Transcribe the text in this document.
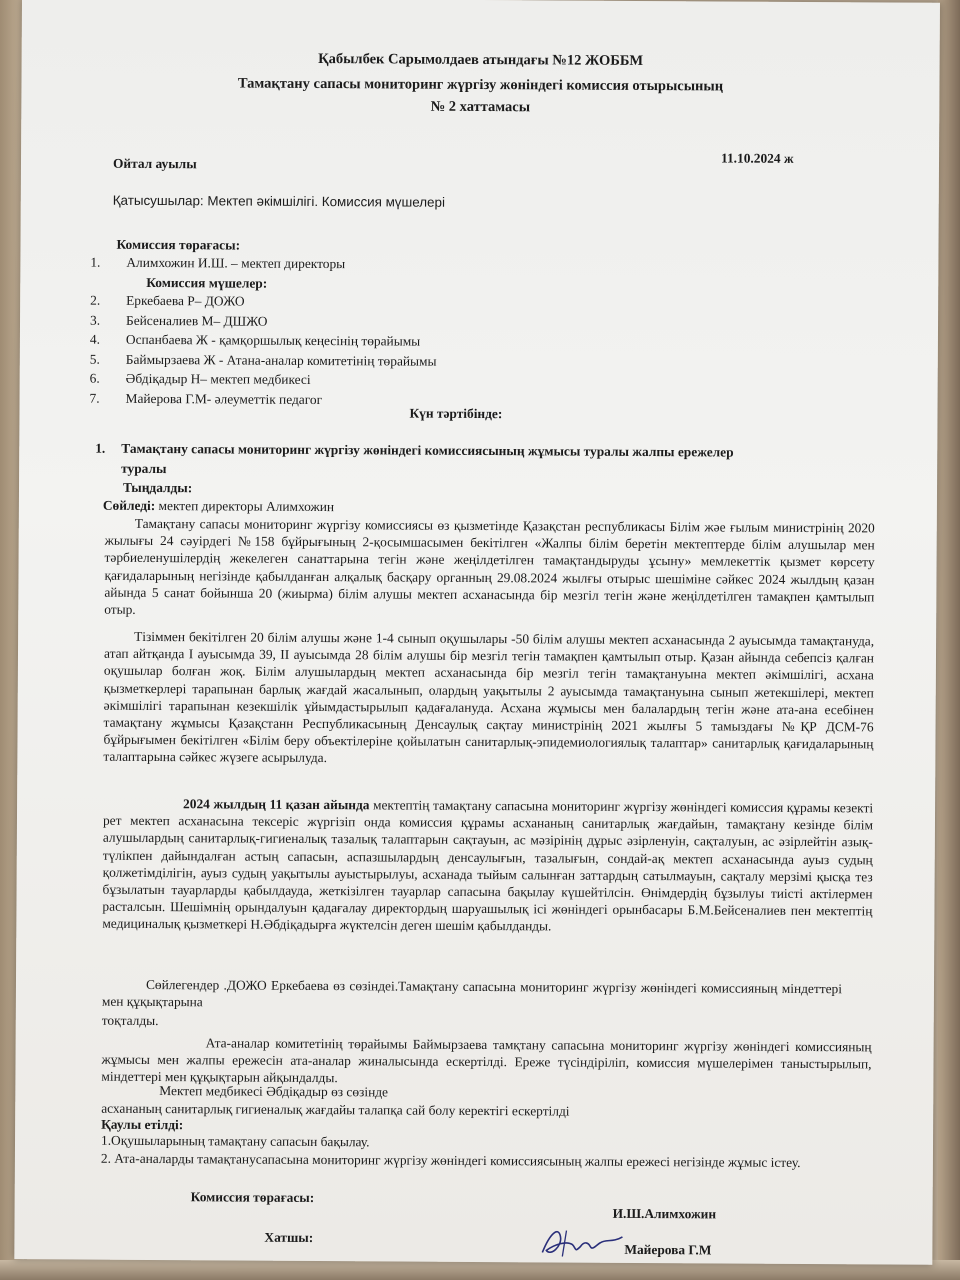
Қабылбек Сарымолдаев атындағы №12 ЖОББМ
Тамақтану сапасы мониторинг жүргізу жөніндегі комиссия отырысының
№ 2 хаттамасы
Ойтал ауылы	11.10.2024 ж
Қатысушылар: Мектеп әкімшілігі. Комиссия мүшелері
Комиссия төрағасы:
1.	Алимхожин И.Ш. – мектеп директоры
Комиссия мүшелер:
2.	Еркебаева Р– ДОЖО
3.	Бейсеналиев М– ДШЖО
4.	Оспанбаева Ж - қамқоршылық кеңесінің төрайымы
5.	Баймырзаева Ж - Атана-аналар комитетінің төрайымы
6.	Әбдіқадыр Н– мектеп медбикесі
7.	Майерова Г.М- әлеуметтік педагог
Күн тәртібінде:
1. Тамақтану сапасы мониторинг жүргізу жөніндегі комиссиясының жұмысы туралы жалпы ережелер
туралы
Тыңдалды:
Сөйледі: мектеп директоры Алимхожин

Тамақтану сапасы мониторинг жүргізу комиссиясы өз қызметінде Қазақстан республикасы Білім жәе ғылым министрінің 2020 жылығы 24 сәуірдегі №158 бұйрығының 2-қосымшасымен бекітілген «Жалпы білім беретін мектептерде білім алушылар мен тәрбиеленушілердің жекелеген санаттарына тегін және жеңілдетілген тамақтандыруды ұсыну» мемлекеттік қызмет көрсету қағидаларының негізінде қабылданған алқалық басқару органның 29.08.2024 жылғы отырыс шешіміне сәйкес 2024 жылдың қазан айында 5 санат бойынша 20 (жиырма) білім алушы мектеп асханасында бір мезгіл тегін және жеңілдетілген тамақпен қамтылып отыр.

Тізіммен бекітілген 20 білім алушы және 1-4 сынып оқушылары -50 білім алушы мектеп асханасында 2 ауысымда тамақтануда, атап айтқанда І ауысымда 39, ІІ ауысымда 28 білім алушы бір мезгіл тегін тамақпен қамтылып отыр. Қазан айында себепсіз қалған оқушылар болған жоқ. Білім алушылардың мектеп асханасында бір мезгіл тегін тамақтануына мектеп әкімшілігі, асхана қызметкерлері тарапынан барлық жағдай жасалынып, олардың уақытылы 2 ауысымда тамақтануына сынып жетекшілері, мектеп әкімшілігі тарапынан кезекшілік ұйымдастырылып қадағалануда. Асхана жұмысы мен балалардың тегін және ата-ана есебінен тамақтану жұмысы Қазақстанн Республикасының Денсаулық сақтау министрінің 2021 жылғы 5 тамыздағы №ҚР ДСМ-76 бұйрығымен бекітілген «Білім беру объектілеріне қойылатын санитарлық-эпидемиологиялық талаптар» санитарлық қағидаларының талаптарына сәйкес жүзеге асырылуда.

2024 жылдың 11 қазан айында мектептің тамақтану сапасына мониторинг жүргізу жөніндегі комиссия құрамы кезекті рет мектеп асханасына тексеріс жүргізіп онда комиссия құрамы асхананың санитарлық жағдайын, тамақтану кезінде білім алушылардың санитарлық-гигиеналық тазалық талаптарын сақтауын, ас мәзірінің дұрыс әзірленуін, сақталуын, ас әзірлейтін азық- түлікпен дайындалған астың сапасын, аспазшылардың денсаулығын, тазалығын, сондай-ақ мектеп асханасында ауыз судың қолжетімділігін, ауыз судың уақытылы ауыстырылуы, асханада тыйым салынған заттардың сатылмауын, сақталу мерзімі қысқа тез бұзылатын тауарларды қабылдауда, жеткізілген тауарлар сапасына бақылау күшейтілсін. Өнімдердің бұзылуы тиісті актілермен расталсын. Шешімнің орындалуын қадағалау директордың шаруашылық ісі жөніндегі орынбасары Б.М.Бейсеналиев пен мектептің медициналық қызметкері Н.Әбдіқадырға жүктелсін деген шешім қабылданды.

Сөйлегендер .ДОЖО Еркебаева өз сөзіндеі.Тамақтану сапасына мониторинг жүргізу жөніндегі комиссияның міндеттері мен құқықтарына

тоқталды.

Ата-аналар комитетінің төрайымы Баймырзаева тамқтану сапасына мониторинг жүргізу жөніндегі комиссияның жұмысы мен жалпы ережесін ата-аналар жиналысында ескертілді. Ереже түсіндіріліп, комиссия мүшелерімен таныстырылып, міндеттері мен құқықтарын айқындалды.

Мектеп медбикесі Әбдіқадыр өз сөзінде
асхананың санитарлық гигиеналық жағдайы талапқа сай болу керектігі ескертілді
Қаулы етілді:
1.Оқушыларының тамақтану сапасын бақылау.

2. Ата-аналарды тамақтанусапасына мониторинг жүргізу жөніндегі комиссиясының жалпы ережесі негізінде жұмыс істеу.

Комиссия төрағасы:
И.Ш.Алимхожин
Хатшы:
Майерова Г.М
